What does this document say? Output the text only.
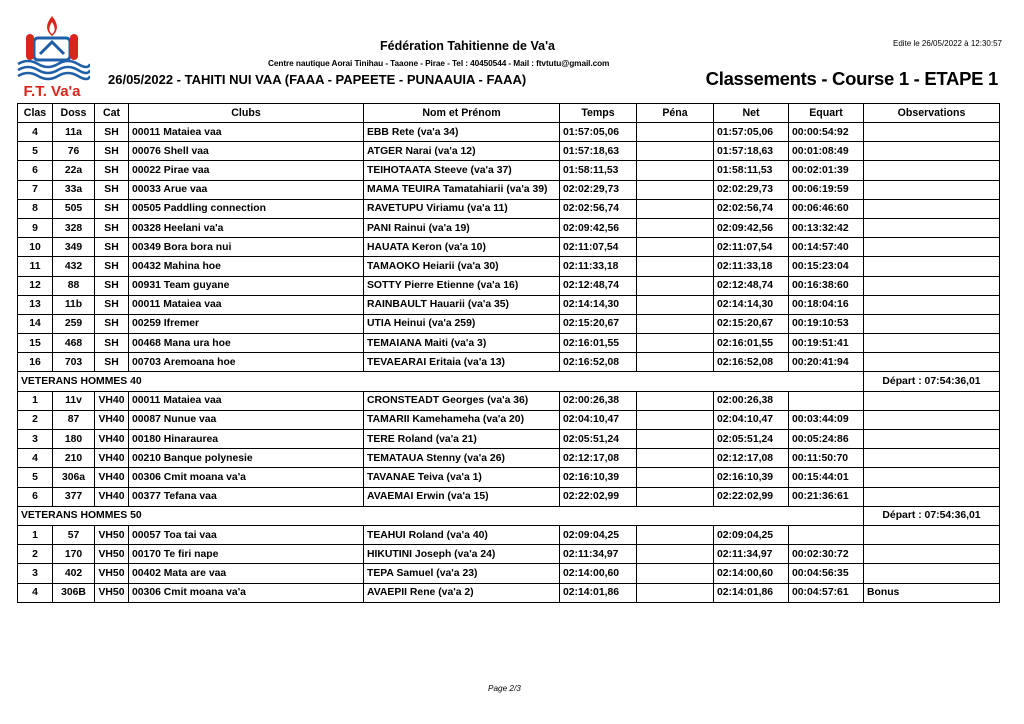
F.T. Va'a
Fédération Tahitienne de Va'a	Edite le 26/05/2022 à 12:30:57
Centre nautique Aorai Tinihau - Taaone - Pirae - Tel : 40450544 - Mail : ftvtutu@gmail.com
26/05/2022 - TAHITI NUI VAA (FAAA - PAPEETE - PUNAAUIA - FAAA)	Classements - Course 1 - ETAPE 1
Clas	Doss	Cat	Clubs	Nom et Prénom	Temps	Péna	Net	Equart	Observations
4	11a	SH	00011 Mataiea vaa	EBB Rete (va'a 34)	01:57:05,06		01:57:05,06	00:00:54:92	
5	76	SH	00076 Shell vaa	ATGER Narai (va'a 12)	01:57:18,63		01:57:18,63	00:01:08:49	
6	22a	SH	00022 Pirae vaa	TEIHOTAATA Steeve (va'a 37)	01:58:11,53		01:58:11,53	00:02:01:39	
7	33a	SH	00033 Arue vaa	MAMA TEUIRA Tamatahiarii (va'a 39)	02:02:29,73		02:02:29,73	00:06:19:59	
8	505	SH	00505 Paddling connection	RAVETUPU Viriamu (va'a 11)	02:02:56,74		02:02:56,74	00:06:46:60	
9	328	SH	00328 Heelani va'a	PANI Rainui (va'a 19)	02:09:42,56		02:09:42,56	00:13:32:42	
10	349	SH	00349 Bora bora nui	HAUATA Keron (va'a 10)	02:11:07,54		02:11:07,54	00:14:57:40	
11	432	SH	00432 Mahina hoe	TAMAOKO Heiarii (va'a 30)	02:11:33,18		02:11:33,18	00:15:23:04	
12	88	SH	00931 Team guyane	SOTTY Pierre Etienne (va'a 16)	02:12:48,74		02:12:48,74	00:16:38:60	
13	11b	SH	00011 Mataiea vaa	RAINBAULT Hauarii (va'a 35)	02:14:14,30		02:14:14,30	00:18:04:16	
14	259	SH	00259 Ifremer	UTIA Heinui (va'a 259)	02:15:20,67		02:15:20,67	00:19:10:53	
15	468	SH	00468 Mana ura hoe	TEMAIANA Maiti (va'a 3)	02:16:01,55		02:16:01,55	00:19:51:41	
16	703	SH	00703 Aremoana hoe	TEVAEARAI Eritaia (va'a 13)	02:16:52,08		02:16:52,08	00:20:41:94	
VETERANS HOMMES 40									Départ : 07:54:36,01
1	11v	VH40	00011 Mataiea vaa	CRONSTEADT Georges (va'a 36)	02:00:26,38		02:00:26,38		
2	87	VH40	00087 Nunue vaa	TAMARII Kamehameha (va'a 20)	02:04:10,47		02:04:10,47	00:03:44:09	
3	180	VH40	00180 Hinaraurea	TERE Roland (va'a 21)	02:05:51,24		02:05:51,24	00:05:24:86	
4	210	VH40	00210 Banque polynesie	TEMATAUA Stenny (va'a 26)	02:12:17,08		02:12:17,08	00:11:50:70	
5	306a	VH40	00306 Cmit moana va'a	TAVANAE Teiva (va'a 1)	02:16:10,39		02:16:10,39	00:15:44:01	
6	377	VH40	00377 Tefana vaa	AVAEMAI Erwin (va'a 15)	02:22:02,99		02:22:02,99	00:21:36:61	
VETERANS HOMMES 50									Départ : 07:54:36,01
1	57	VH50	00057 Toa tai vaa	TEAHUI Roland (va'a 40)	02:09:04,25		02:09:04,25		
2	170	VH50	00170 Te firi nape	HIKUTINI Joseph (va'a 24)	02:11:34,97		02:11:34,97	00:02:30:72	
3	402	VH50	00402 Mata are vaa	TEPA Samuel (va'a 23)	02:14:00,60		02:14:00,60	00:04:56:35	
4	306B	VH50	00306 Cmit moana va'a	AVAEPII Rene (va'a 2)	02:14:01,86		02:14:01,86	00:04:57:61	Bonus
Page 2/3
